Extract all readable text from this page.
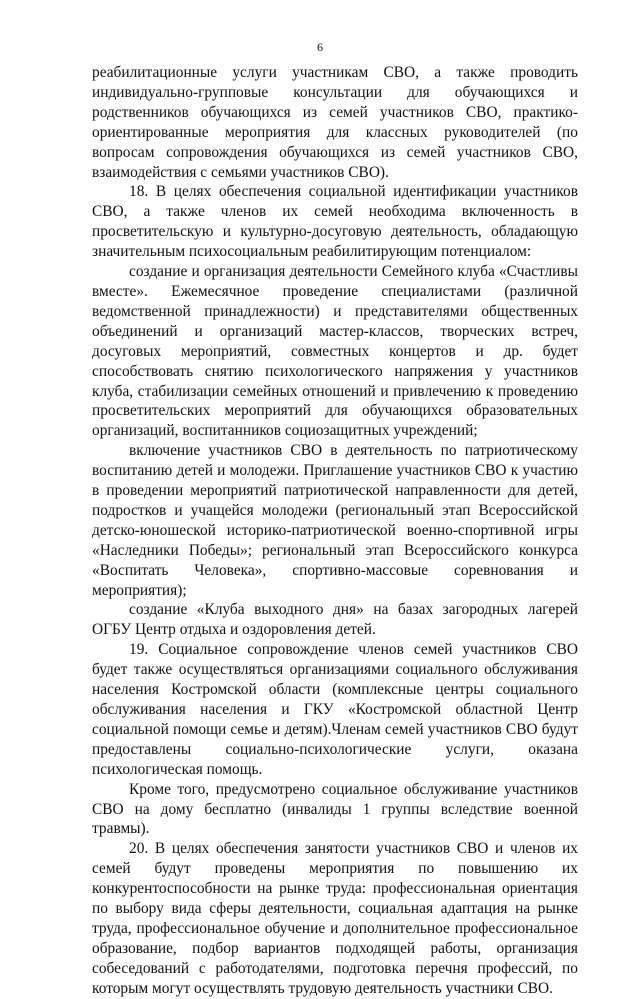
6

реабилитационные услуги участникам СВО, а также проводить индивидуально-групповые консультации для обучающихся и родственников обучающихся из семей участников СВО, практико-ориентированные мероприятия для классных руководителей (по вопросам сопровождения обучающихся из семей участников СВО, взаимодействия с семьями участников СВО).

18. В целях обеспечения социальной идентификации участников СВО, а также членов их семей необходима включенность в просветительскую и культурно-досуговую деятельность, обладающую значительным психосоциальным реабилитирующим потенциалом:

создание и организация деятельности Семейного клуба «Счастливы вместе». Ежемесячное проведение специалистами (различной ведомственной принадлежности) и представителями общественных объединений и организаций мастер-классов, творческих встреч, досуговых мероприятий, совместных концертов и др. будет способствовать снятию психологического напряжения у участников клуба, стабилизации семейных отношений и привлечению к проведению просветительских мероприятий для обучающихся образовательных организаций, воспитанников социозащитных учреждений;

включение участников СВО в деятельность по патриотическому воспитанию детей и молодежи. Приглашение участников СВО к участию в проведении мероприятий патриотической направленности для детей, подростков и учащейся молодежи (региональный этап Всероссийской детско-юношеской историко-патриотической военно-спортивной игры «Наследники Победы»; региональный этап Всероссийского конкурса «Воспитать Человека», спортивно-массовые соревнования и мероприятия);

создание «Клуба выходного дня» на базах загородных лагерей ОГБУ Центр отдыха и оздоровления детей.

19. Социальное сопровождение членов семей участников СВО будет также осуществляться организациями социального обслуживания населения Костромской области (комплексные центры социального обслуживания населения и ГКУ «Костромской областной Центр социальной помощи семье и детям).Членам семей участников СВО будут предоставлены социально-психологические услуги, оказана психологическая помощь.

Кроме того, предусмотрено социальное обслуживание участников СВО на дому бесплатно (инвалиды 1 группы вследствие военной травмы).

20. В целях обеспечения занятости участников СВО и членов их семей будут проведены мероприятия по повышению их конкурентоспособности на рынке труда: профессиональная ориентация по выбору вида сферы деятельности, социальная адаптация на рынке труда, профессиональное обучение и дополнительное профессиональное образование, подбор вариантов подходящей работы, организация собеседований с работодателями, подготовка перечня профессий, по которым могут осуществлять трудовую деятельность участники СВО.
